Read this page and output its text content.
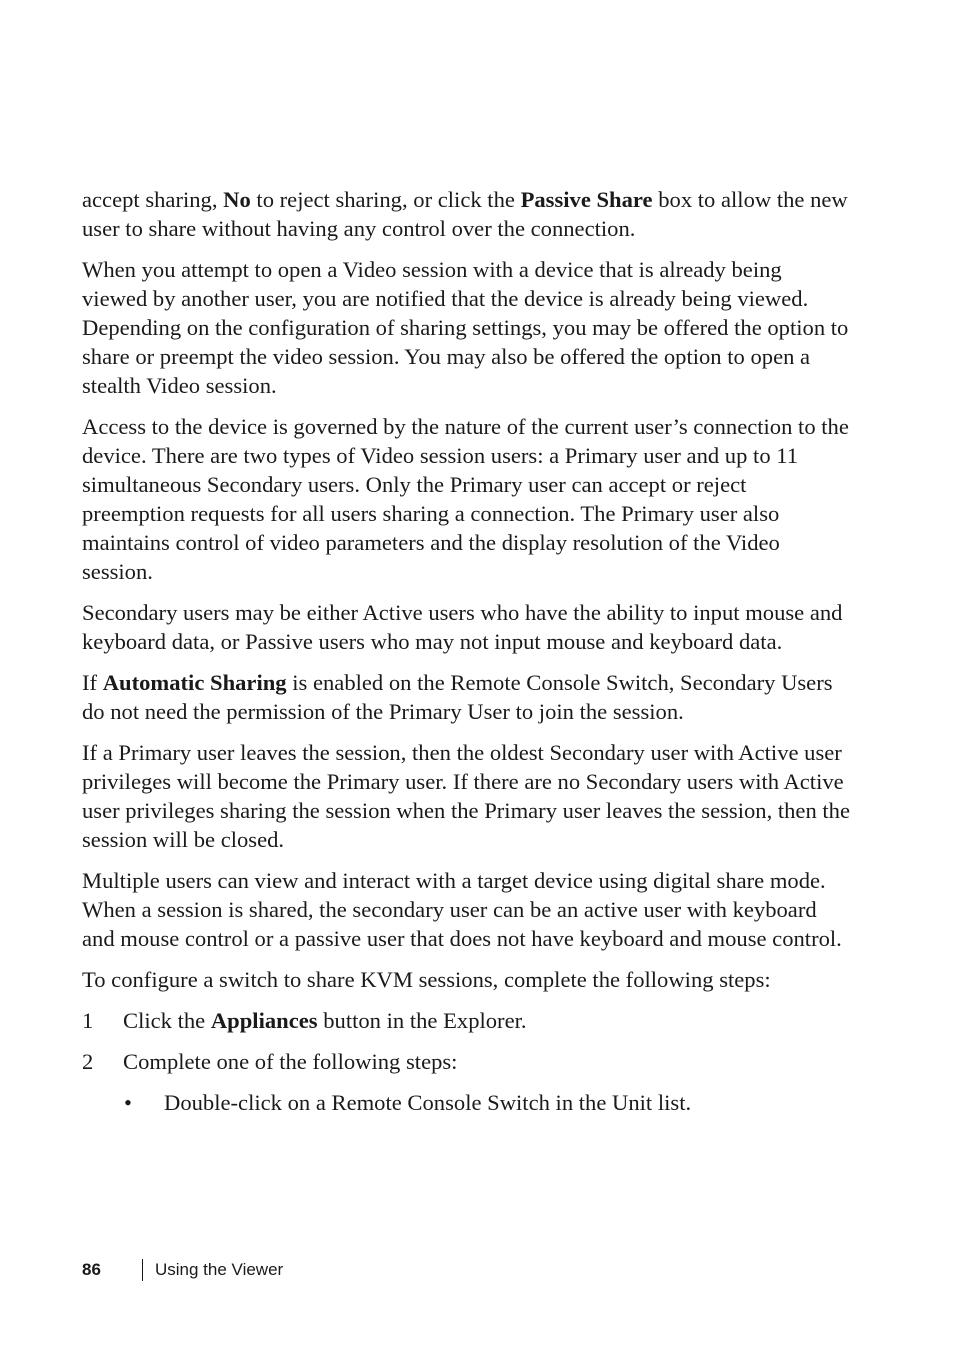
accept sharing, No to reject sharing, or click the Passive Share box to allow the new user to share without having any control over the connection.

When you attempt to open a Video session with a device that is already being viewed by another user, you are notified that the device is already being viewed. Depending on the configuration of sharing settings, you may be offered the option to share or preempt the video session. You may also be offered the option to open a stealth Video session.

Access to the device is governed by the nature of the current user’s connection to the device. There are two types of Video session users: a Primary user and up to 11 simultaneous Secondary users. Only the Primary user can accept or reject preemption requests for all users sharing a connection. The Primary user also maintains control of video parameters and the display resolution of the Video session.

Secondary users may be either Active users who have the ability to input mouse and keyboard data, or Passive users who may not input mouse and keyboard data.

If Automatic Sharing is enabled on the Remote Console Switch, Secondary Users do not need the permission of the Primary User to join the session.

If a Primary user leaves the session, then the oldest Secondary user with Active user privileges will become the Primary user. If there are no Secondary users with Active user privileges sharing the session when the Primary user leaves the session, then the session will be closed.

Multiple users can view and interact with a target device using digital share mode. When a session is shared, the secondary user can be an active user with keyboard and mouse control or a passive user that does not have keyboard and mouse control.

To configure a switch to share KVM sessions, complete the following steps:

1 Click the Appliances button in the Explorer.
2 Complete one of the following steps:
• Double-click on a Remote Console Switch in the Unit list.
86	Using the Viewer
